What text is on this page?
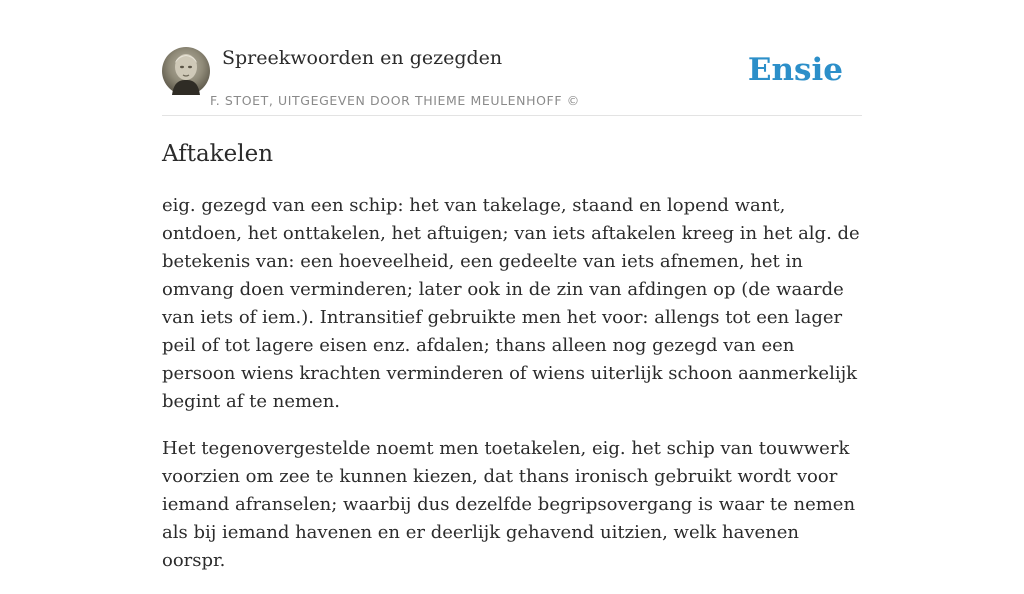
Spreekwoorden en gezegden
F. STOET, UITGEGEVEN DOOR THIEME MEULENHOFF ©
Ensie
Aftakelen

eig. gezegd van een schip: het van takelage, staand en lopend want, ontdoen, het onttakelen, het aftuigen; van iets aftakelen kreeg in het alg. de betekenis van: een hoeveelheid, een gedeelte van iets afnemen, het in omvang doen verminderen; later ook in de zin van afdingen op (de waarde van iets of iem.). Intransitief gebruikte men het voor: allengs tot een lager peil of tot lagere eisen enz. afdalen; thans alleen nog gezegd van een persoon wiens krachten verminderen of wiens uiterlijk schoon aanmerkelijk begint af te nemen.

Het tegenovergestelde noemt men toetakelen, eig. het schip van touwwerk voorzien om zee te kunnen kiezen, dat thans ironisch gebruikt wordt voor iemand afranselen; waarbij dus dezelfde begripsovergang is waar te nemen als bij iemand havenen en er deerlijk gehavend uitzien, welk havenen oorspr.
